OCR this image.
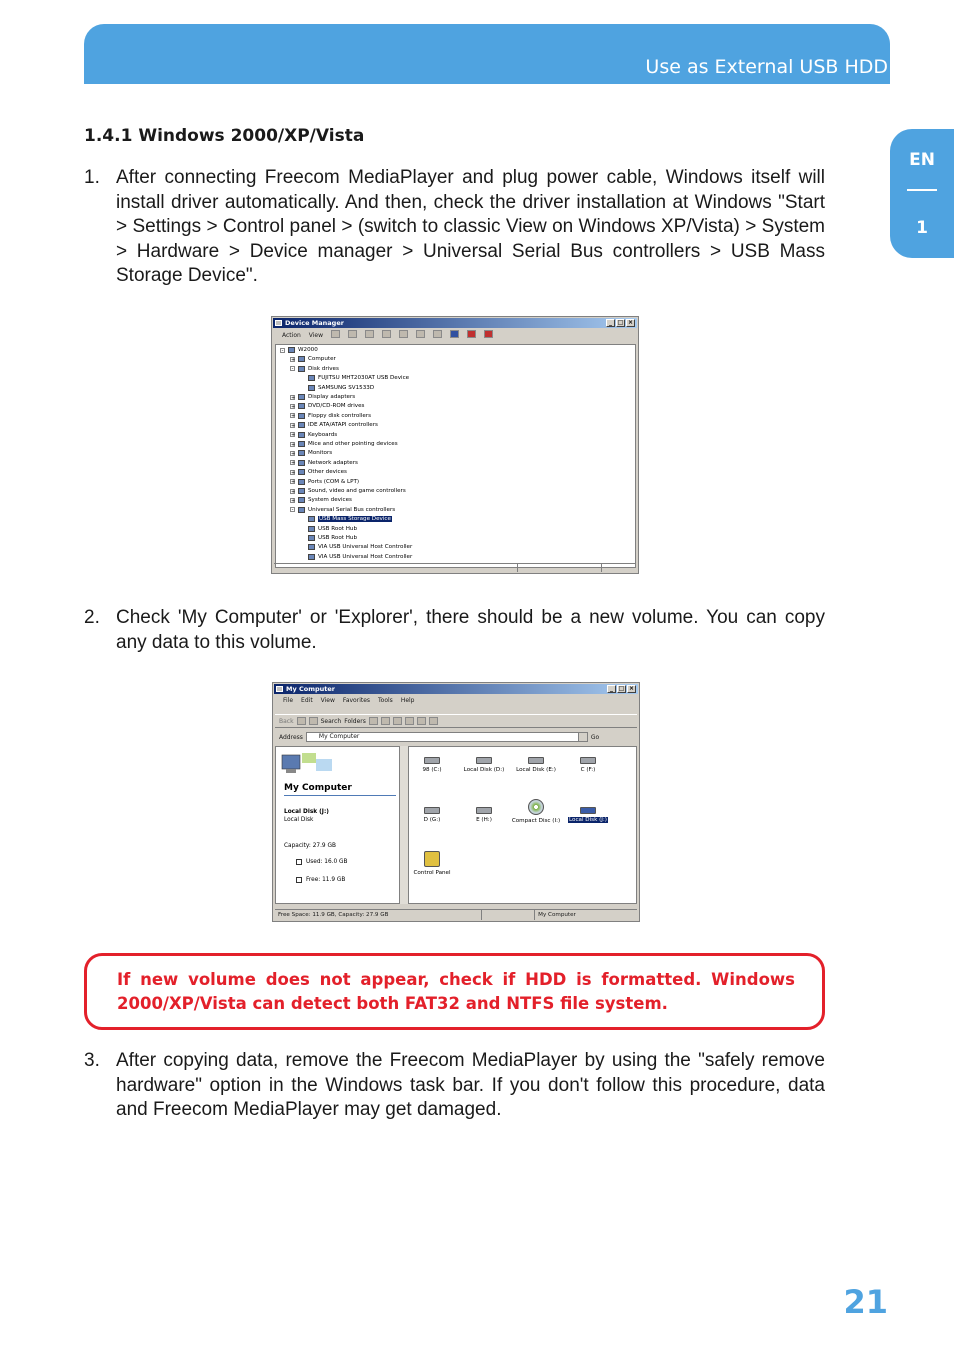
Use as External USB HDD
EN
1
1.4.1 Windows 2000/XP/Vista
1. After connecting Freecom MediaPlayer and plug power cable, Windows itself will install driver automatically. And then, check the driver installation at Windows "Start > Settings > Control panel > (switch to classic View on Windows XP/Vista) > System > Hardware > Device manager > Universal Serial Bus controllers > USB Mass Storage Device".
Device Manager	_ □ ×
Action View
-	W2000
+ Computer
-	Disk drives
FUJITSU MHT2030AT USB Device
SAMSUNG SV1533D
+ Display adapters
+ DVD/CD-ROM drives
+ Floppy disk controllers
+ IDE ATA/ATAPI controllers
+ Keyboards
+ Mice and other pointing devices
+ Monitors
+ Network adapters
+ Other devices
+ Ports (COM & LPT)
+ Sound, video and game controllers
+ System devices
-	Universal Serial Bus controllers
USB Mass Storage Device
USB Root Hub
USB Root Hub
VIA USB Universal Host Controller
VIA USB Universal Host Controller
2. Check 'My Computer' or 'Explorer', there should be a new volume. You can copy any data to this volume.
My Computer	_ □ ×
File Edit View Favorites Tools Help
Back	Search Folders
Address	My Computer	Go
My Computer
Local Disk (J:)
Local Disk
Capacity: 27.9 GB
Used: 16.0 GB
Free: 11.9 GB
98 (C:)	Local Disk (D:)	Local Disk (E:)	C (F:)
D (G:)	E (H:)	Compact Disc (I:)	Local Disk (J:)
Control Panel
Free Space: 11.9 GB, Capacity: 27.9 GB	My Computer
If new volume does not appear, check if HDD is formatted. Windows 2000/XP/Vista can detect both FAT32 and NTFS file system.
3. After copying data, remove the Freecom MediaPlayer by using the "safely remove hardware" option in the Windows task bar. If you don't follow this procedure, data and Freecom MediaPlayer may get damaged.
21
